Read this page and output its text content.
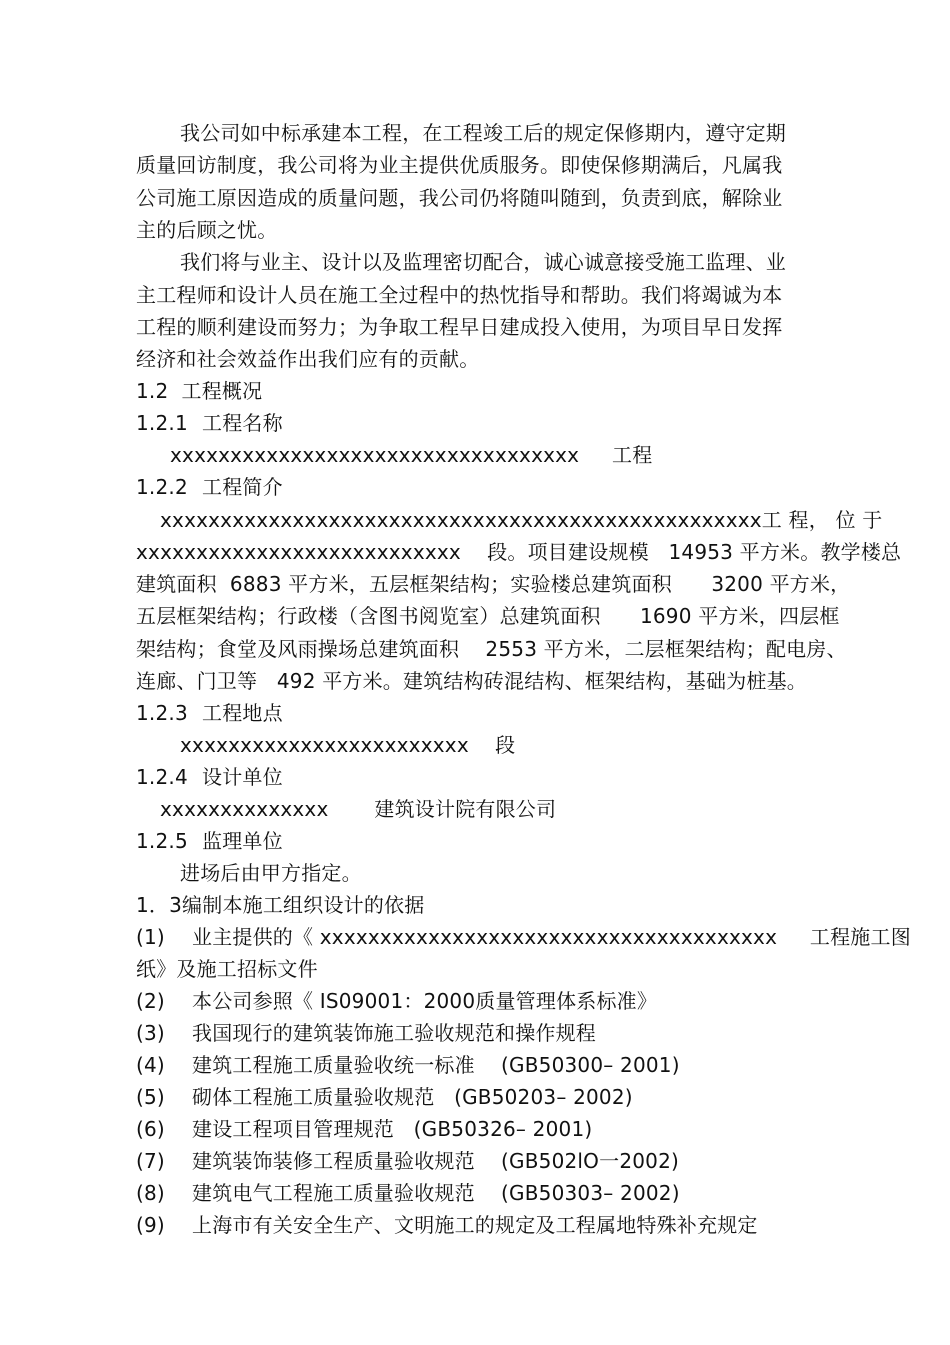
我公司如中标承建本工程，在工程竣工后的规定保修期内，遵守定期
质量回访制度，我公司将为业主提供优质服务。即使保修期满后，凡属我
公司施工原因造成的质量问题，我公司仍将随叫随到，负责到底，解除业
主的后顾之忧。
我们将与业主、设计以及监理密切配合，诚心诚意接受施工监理、业
主工程师和设计人员在施工全过程中的热忱指导和帮助。我们将竭诚为本
工程的顺利建设而努力；为争取工程早日建成投入使用，为项目早日发挥
经济和社会效益作出我们应有的贡献。
1.2  工程概况
1.2.1 工程名称
xxxxxxxxxxxxxxxxxxxxxxxxxxxxxxxxxx     工程
1.2.2 工程简介
xxxxxxxxxxxxxxxxxxxxxxxxxxxxxxxxxxxxxxxxxxxxxxxxxx 工 程， 位 于
xxxxxxxxxxxxxxxxxxxxxxxxxxx    段。项目建设规模   14953 平方米。教学楼总
建筑面积  6883 平方米，五层框架结构；实验楼总建筑面积      3200 平方米，
五层框架结构；行政楼（含图书阅览室）总建筑面积      1690 平方米，四层框
架结构；食堂及风雨操场总建筑面积    2553 平方米，二层框架结构；配电房、
连廊、门卫等   492 平方米。建筑结构砖混结构、框架结构，基础为桩基。
1.2.3 工程地点
xxxxxxxxxxxxxxxxxxxxxxxx    段
1.2.4 设计单位
xxxxxxxxxxxxxx       建筑设计院有限公司
1.2.5 监理单位
进场后由甲方指定。
1．3编制本施工组织设计的依据
(1) 业主提供的《 xxxxxxxxxxxxxxxxxxxxxxxxxxxxxxxxxxxxxx     工程施工图
纸》及施工招标文件
(2) 本公司参照《 IS09001：2000质量管理体系标准》
(3) 我国现行的建筑装饰施工验收规范和操作规程
(4) 建筑工程施工质量验收统一标准    (GB50300– 2001)
(5) 砌体工程施工质量验收规范   (GB50203– 2002)
(6) 建设工程项目管理规范   (GB50326– 2001)
(7) 建筑装饰装修工程质量验收规范    (GB502lO一2002)
(8) 建筑电气工程施工质量验收规范    (GB50303– 2002)
(9) 上海市有关安全生产、文明施工的规定及工程属地特殊补充规定
